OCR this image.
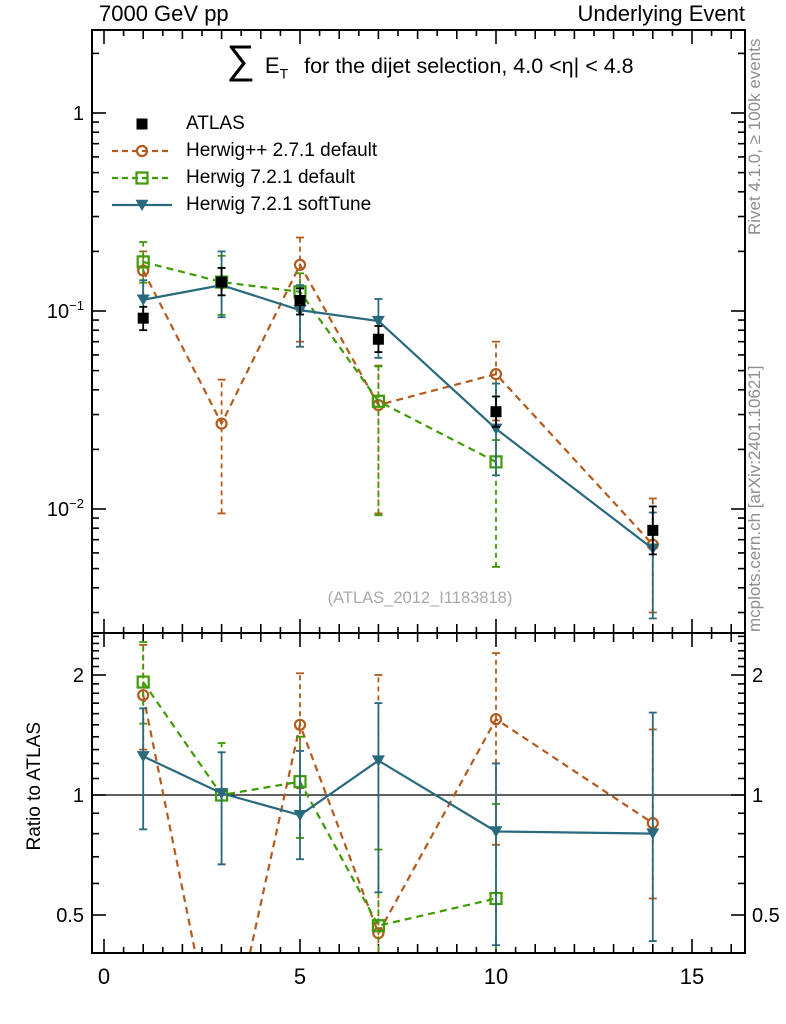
0	5	10	15
1
$10^{-1}$
$10^{-2}$
0.5	0.5
1	1
2	2
7000 GeV pp	Underlying Event
∑ $E_T$ for the dijet selection, 4.0 <η| < 4.8
ATLAS
Herwig++ 2.7.1 default
Herwig 7.2.1 default
Herwig 7.2.1 softTune
(ATLAS_2012_I1183818)
Rivet 4.1.0, ≥ 100k events
mcplots.cern.ch [arXiv:2401.10621]
Ratio to ATLAS
